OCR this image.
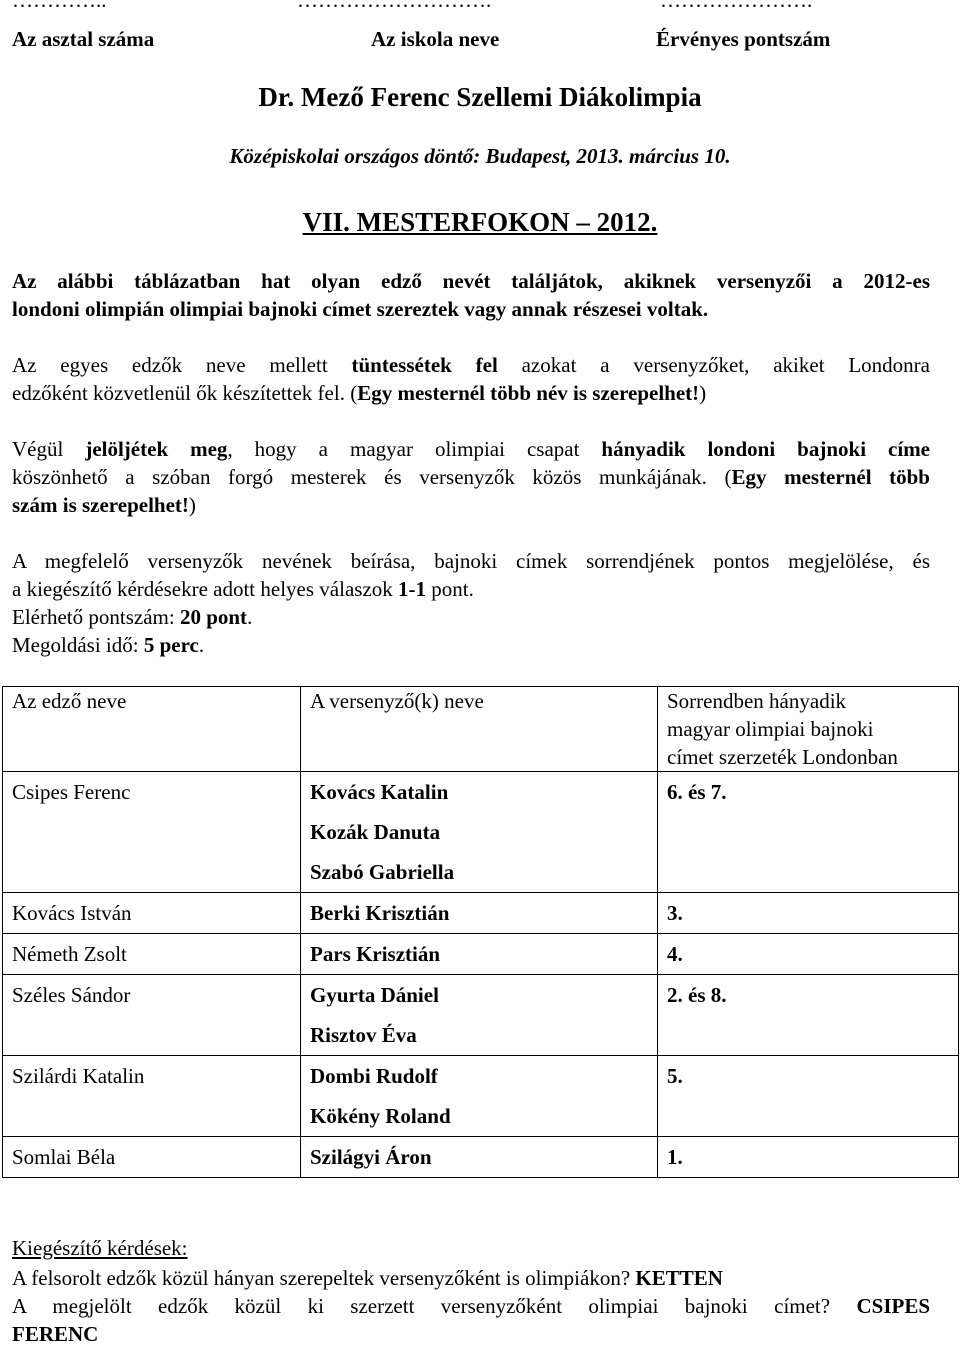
…………..	……………………….	………………….
Az asztal száma	Az iskola neve	Érvényes pontszám
Dr. Mező Ferenc Szellemi Diákolimpia
Középiskolai országos döntő: Budapest, 2013. március 10.
VII. MESTERFOKON – 2012.
Az alábbi táblázatban hat olyan edző nevét találjátok, akiknek versenyzői a 2012-es
londoni olimpián olimpiai bajnoki címet szereztek vagy annak részesei voltak.
Az egyes edzők neve mellett tüntessétek fel azokat a versenyzőket, akiket Londonra
edzőként közvetlenül ők készítettek fel. (Egy mesternél több név is szerepelhet!)
Végül jelöljétek meg, hogy a magyar olimpiai csapat hányadik londoni bajnoki címe
köszönhető a szóban forgó mesterek és versenyzők közös munkájának. (Egy mesternél több
szám is szerepelhet!)
A megfelelő versenyzők nevének beírása, bajnoki címek sorrendjének pontos megjelölése, és
a kiegészítő kérdésekre adott helyes válaszok 1-1 pont.
Elérhető pontszám: 20 pont.
Megoldási idő: 5 perc.
Az edző neve	A versenyző(k) neve	Sorrendben hányadik
magyar olimpiai bajnoki
címet szerzeték Londonban

Csipes Ferenc	Kovács Katalin
Kozák Danuta
Szabó Gabriella	6. és 7.

Kovács István	Berki Krisztián	3.

Németh Zsolt	Pars Krisztián	4.

Széles Sándor	Gyurta Dániel
Risztov Éva	2. és 8.

Szilárdi Katalin	Dombi Rudolf
Kökény Roland	5.

Somlai Béla	Szilágyi Áron	1.
Kiegészítő kérdések:
A felsorolt edzők közül hányan szerepeltek versenyzőként is olimpiákon? KETTEN
A megjelölt edzők közül ki szerzett versenyzőként olimpiai bajnoki címet? CSIPES
FERENC
